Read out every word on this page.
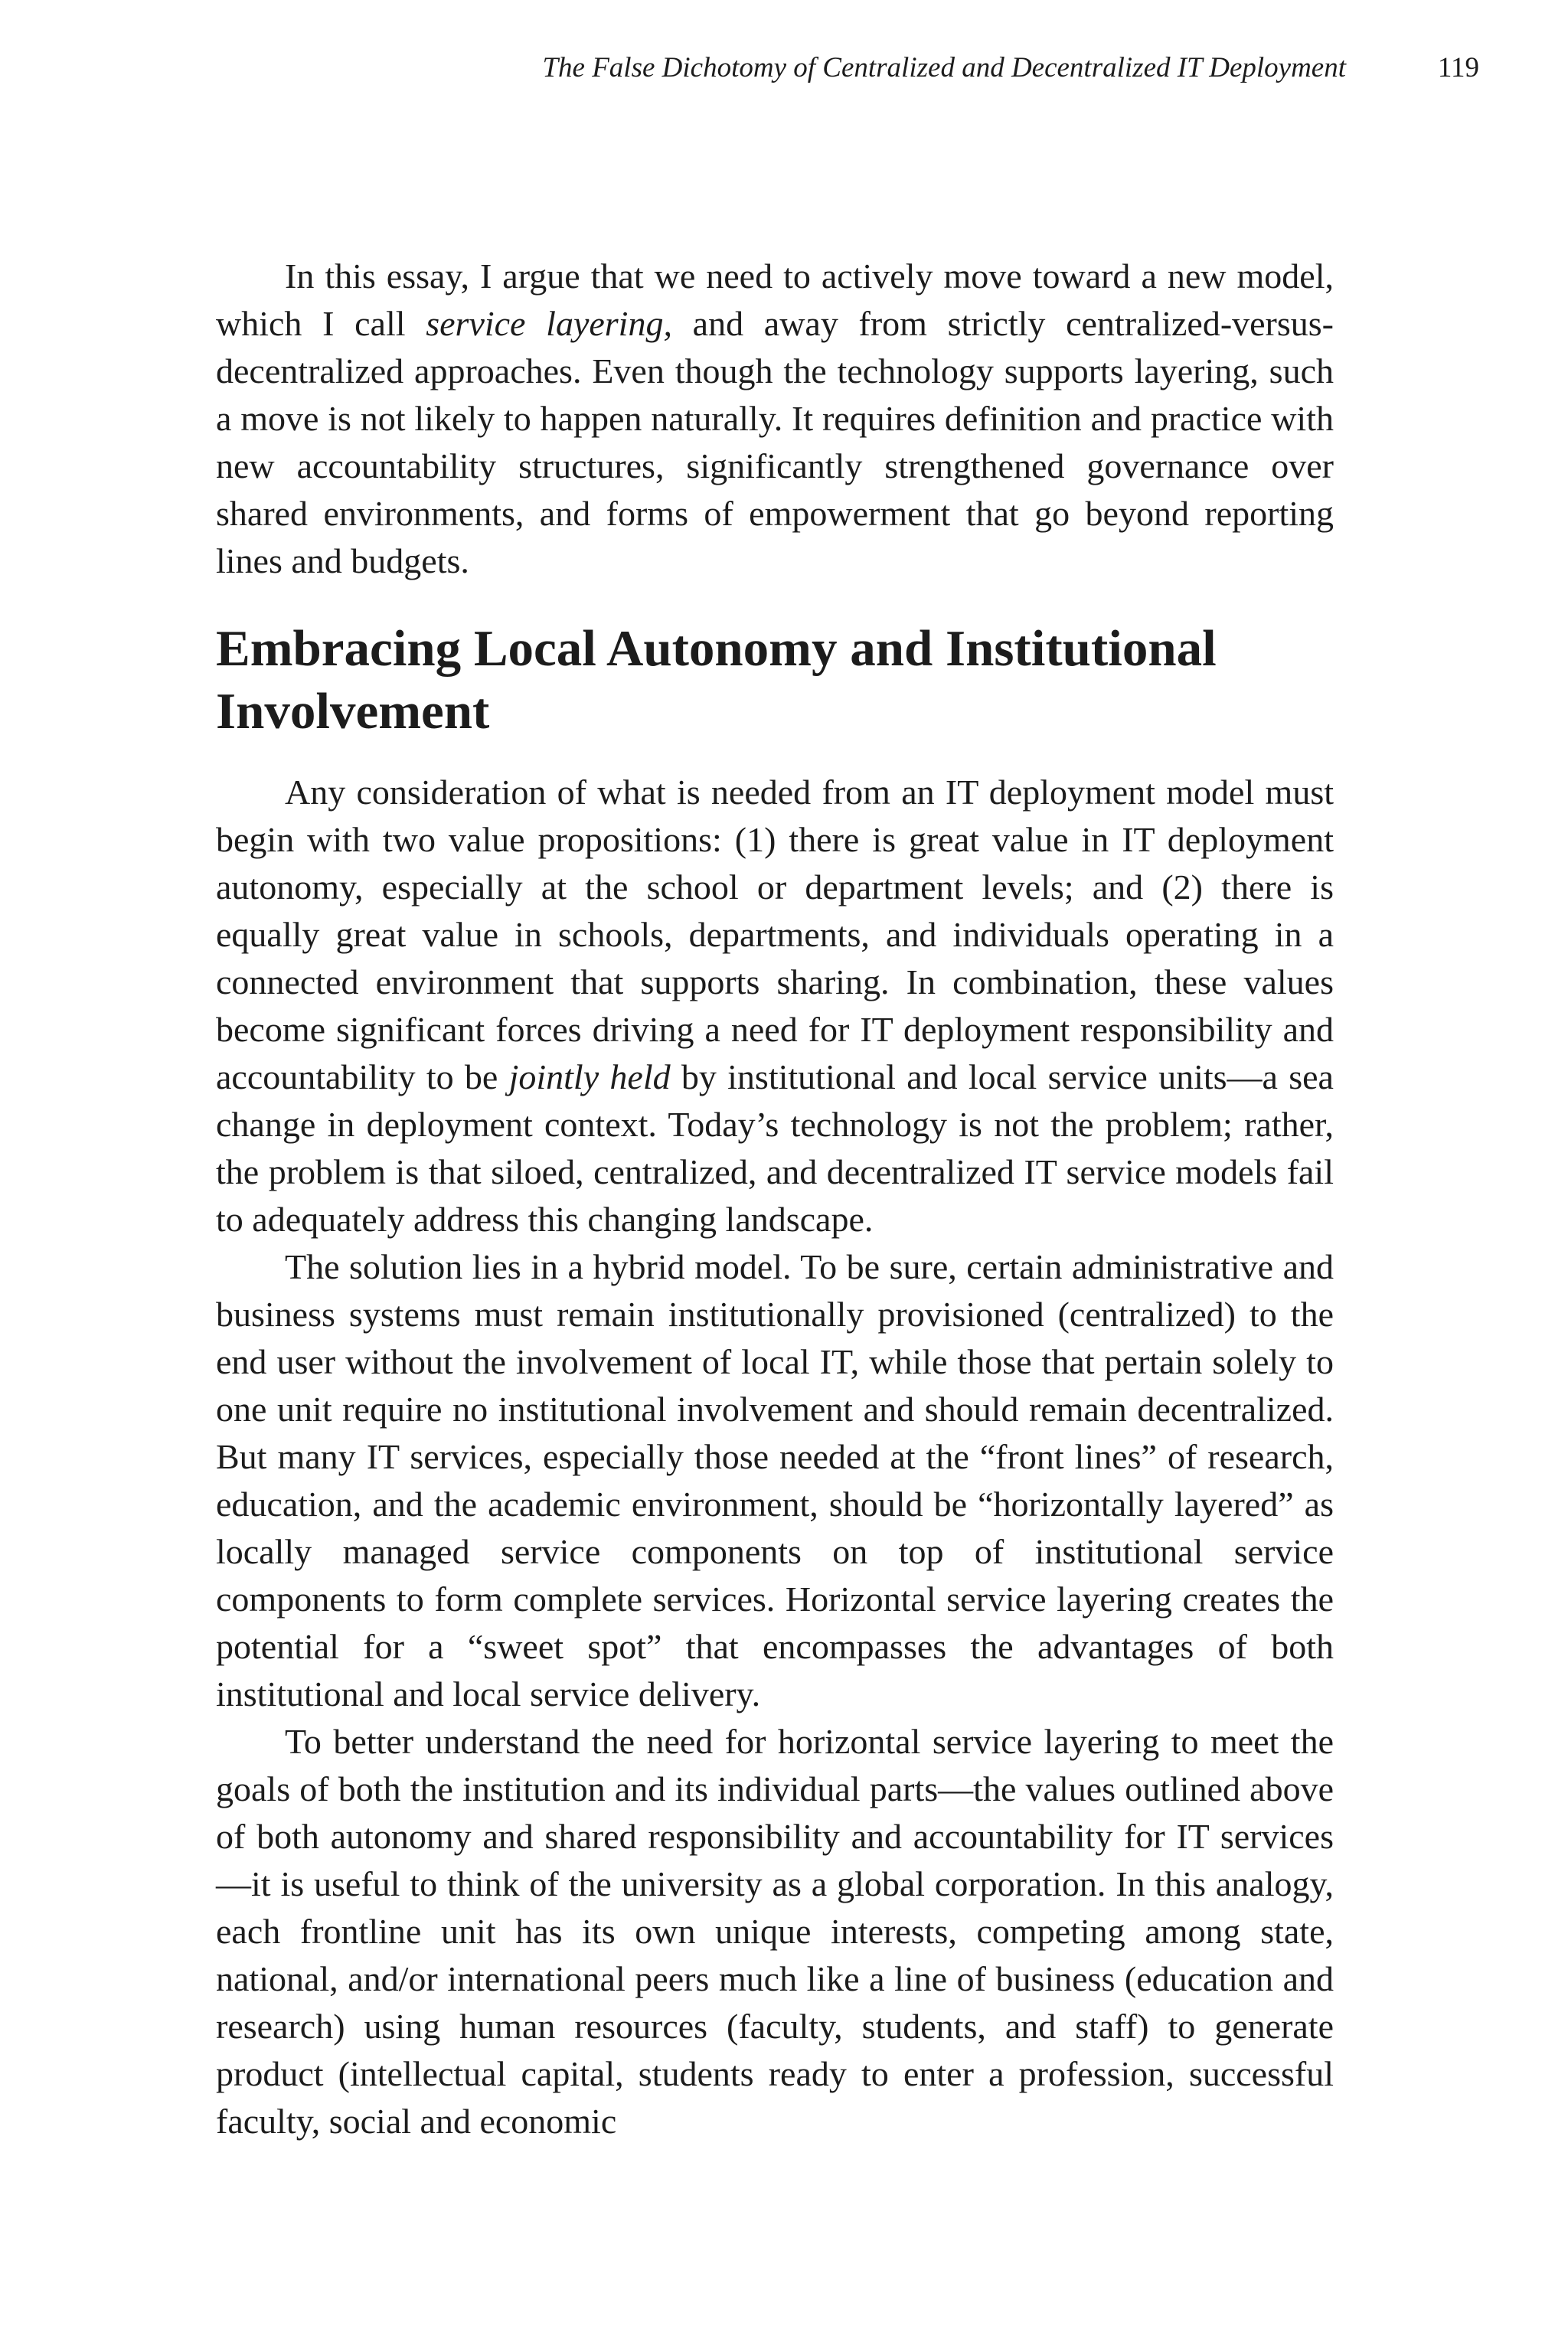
The False Dichotomy of Centralized and Decentralized IT Deployment	119

In this essay, I argue that we need to actively move toward a new model, which I call service layering, and away from strictly centralized-versus-decentralized approaches. Even though the technology supports layering, such a move is not likely to happen naturally. It requires definition and practice with new accountability structures, significantly strengthened governance over shared environments, and forms of empowerment that go beyond reporting lines and budgets.

Embracing Local Autonomy and Institutional Involvement

Any consideration of what is needed from an IT deployment model must begin with two value propositions: (1) there is great value in IT deployment autonomy, especially at the school or department levels; and (2) there is equally great value in schools, departments, and individuals operating in a connected environment that supports sharing. In combination, these values become significant forces driving a need for IT deployment responsibility and accountability to be jointly held by institutional and local service units—a sea change in deployment context. Today’s technology is not the problem; rather, the problem is that siloed, centralized, and decentralized IT service models fail to adequately address this changing landscape.

The solution lies in a hybrid model. To be sure, certain administrative and business systems must remain institutionally provisioned (centralized) to the end user without the involvement of local IT, while those that pertain solely to one unit require no institutional involvement and should remain decentralized. But many IT services, especially those needed at the “front lines” of research, education, and the academic environment, should be “horizontally layered” as locally managed service components on top of institutional service components to form complete services. Horizontal service layering creates the potential for a “sweet spot” that encompasses the advantages of both institutional and local service delivery.

To better understand the need for horizontal service layering to meet the goals of both the institution and its individual parts—the values outlined above of both autonomy and shared responsibility and accountability for IT services—it is useful to think of the university as a global corporation. In this analogy, each frontline unit has its own unique interests, competing among state, national, and/or international peers much like a line of business (education and research) using human resources (faculty, students, and staff) to generate product (intellectual capital, students ready to enter a profession, successful faculty, social and economic
